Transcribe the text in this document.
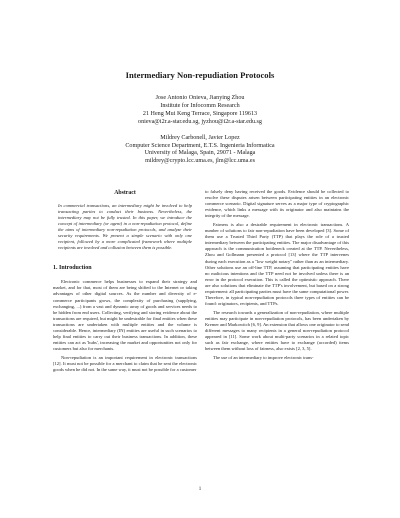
Intermediary Non-repudiation Protocols
Jose Antonio Onieva, Jianying Zhou
Institute for Infocomm Research
21 Heng Mui Keng Terrace, Singapore 119613
onieva@i2r.a-star.edu.sg, jyzhou@i2r.a-star.edu.sg
Mildrey Carbonell, Javier Lopez
Computer Science Department, E.T.S. Ingenieria Informatica
University of Malaga, Spain, 29071 - Malaga
mildrey@crypto.lcc.uma.es, jlm@lcc.uma.es
Abstract
In commercial transactions, an intermediary might be involved to help transacting parties to conduct their business. Nevertheless, the intermediary may not be fully trusted. In this paper, we introduce the concept of intermediary (or agent) in a non-repudiation protocol, define the aims of intermediary non-repudiation protocols, and analyze their security requirements. We present a simple scenario with only one recipient, followed by a more complicated framework where multiple recipients are involved and collusion between them is possible.
1. Introduction

Electronic commerce helps businesses to expand their strategy and market, and for that, most of them are being shifted to the Internet or taking advantages of other digital sources. As the number and diversity of e-commerce participants grows, the complexity of purchasing (supplying, exchanging, ...) from a vast and dynamic array of goods and services needs to be hidden from end users. Collecting, verifying and storing evidence about the transactions are required, but might be undesirable for final entities when these transactions are undertaken with multiple entities and the volume is considerable. Hence, intermediary (IN) entities are useful in such scenarios to help final entities to carry out their business transactions. In addition, these entities can act as 'hubs', increasing the market and opportunities not only for customers but also for merchants.

Non-repudiation is an important requirement in electronic transactions [12]. It must not be possible for a merchant to claim that he sent the electronic goods when he did not. In the same way, it must not be possible for a customer

to falsely deny having received the goods. Evidence should be collected to resolve these disputes arisen between participating entities in an electronic commerce scenario. Digital signature serves as a major type of cryptographic evidence, which links a message with its originator and also maintains the integrity of the message.

Fairness is also a desirable requirement in electronic transactions. A number of solutions to fair non-repudiation have been developed [3]. Some of them use a Trusted Third Party (TTP) that plays the role of a trusted intermediary between the participating entities. The major disadvantage of this approach is the communication bottleneck created at the TTP. Nevertheless, Zhou and Gollmann presented a protocol [13] where the TTP intervenes during each execution as a "low weight notary" rather than as an intermediary. Other solutions use an off-line TTP, assuming that participating entities have no malicious intentions and the TTP need not be involved unless there is an error in the protocol execution. This is called the optimistic approach. There are also solutions that eliminate the TTP's involvement, but based on a strong requirement: all participating parties must have the same computational power. Therefore, in typical non-repudiation protocols three types of entities can be found: originators, recipients, and TTPs.

The research towards a generalization of non-repudiation, where multiple entities may participate in non-repudiation protocols, has been undertaken by Kremer and Markowitch [6, 9]. An extension that allows one originator to send different messages to many recipients in a general non-repudiation protocol appeared in [11]. Some work about multi-party scenarios in a related topic such as fair exchange, where entities have to exchange (accorded) items between them without loss of fairness, also exists [2, 3, 5].

The use of an intermediary to improve electronic trans-

1
